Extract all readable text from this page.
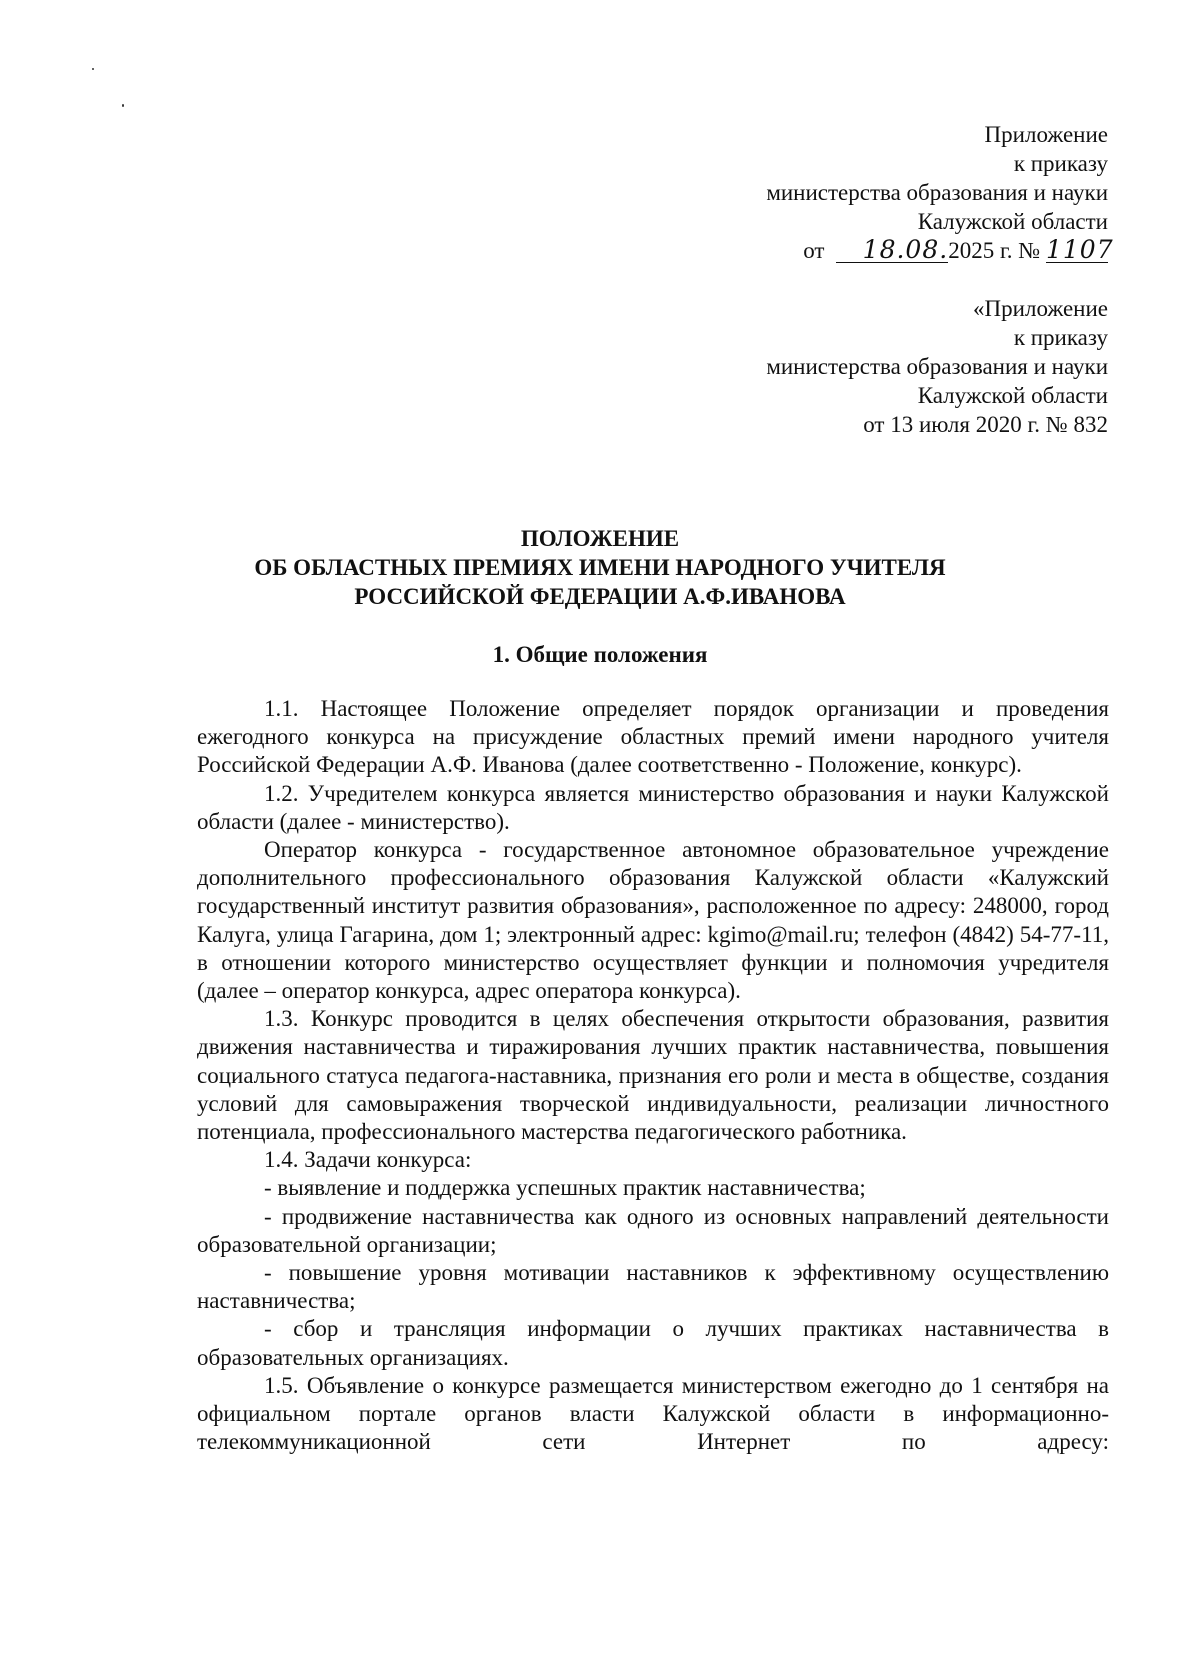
Приложение
к приказу
министерства образования и науки
Калужской области
от 18.08.2025 г. № 1107
«Приложение
к приказу
министерства образования и науки
Калужской области
от 13 июля 2020 г. № 832
ПОЛОЖЕНИЕ
ОБ ОБЛАСТНЫХ ПРЕМИЯХ ИМЕНИ НАРОДНОГО УЧИТЕЛЯ
РОССИЙСКОЙ ФЕДЕРАЦИИ А.Ф.ИВАНОВА
1. Общие положения

1.1. Настоящее Положение определяет порядок организации и проведения ежегодного конкурса на присуждение областных премий имени народного учителя Российской Федерации А.Ф. Иванова (далее соответственно - Положение, конкурс).

1.2. Учредителем конкурса является министерство образования и науки Калужской области (далее - министерство).

Оператор конкурса - государственное автономное образовательное учреждение дополнительного профессионального образования Калужской области «Калужский государственный институт развития образования», расположенное по адресу: 248000, город Калуга, улица Гагарина, дом 1; электронный адрес: kgimo@mail.ru; телефон (4842) 54-77-11, в отношении которого министерство осуществляет функции и полномочия учредителя (далее – оператор конкурса, адрес оператора конкурса).

1.3. Конкурс проводится в целях обеспечения открытости образования, развития движения наставничества и тиражирования лучших практик наставничества, повышения социального статуса педагога-наставника, признания его роли и места в обществе, создания условий для самовыражения творческой индивидуальности, реализации личностного потенциала, профессионального мастерства педагогического работника.

1.4. Задачи конкурса:

- выявление и поддержка успешных практик наставничества;

- продвижение наставничества как одного из основных направлений деятельности образовательной организации;

- повышение уровня мотивации наставников к эффективному осуществлению наставничества;

- сбор и трансляция информации о лучших практиках наставничества в образовательных организациях.

1.5. Объявление о конкурсе размещается министерством ежегодно до 1 сентября на официальном портале органов власти Калужской области в информационно-телекоммуникационной сети Интернет по адресу:
